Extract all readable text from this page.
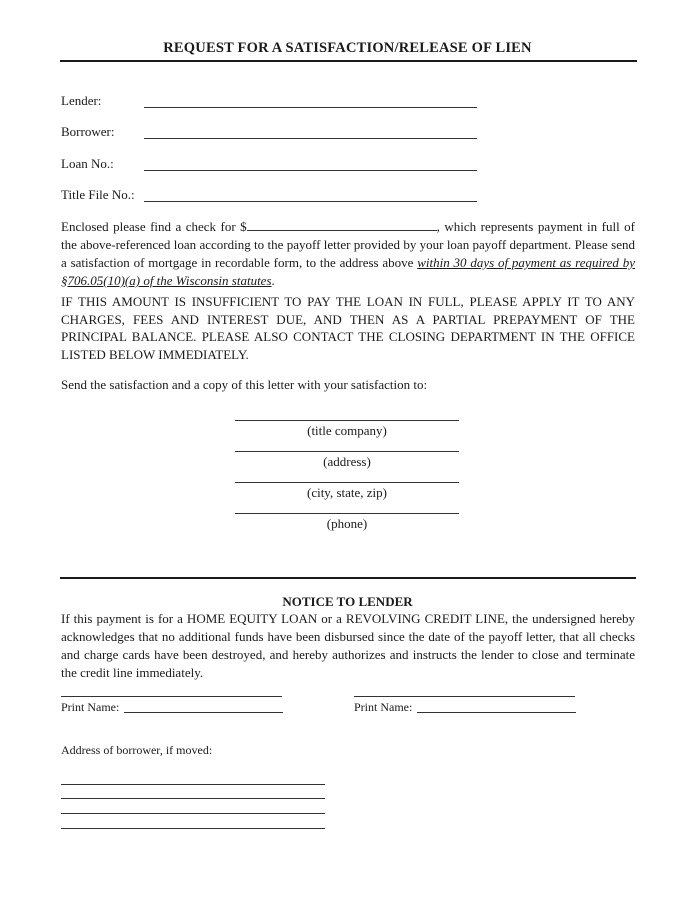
REQUEST FOR A SATISFACTION/RELEASE OF LIEN
Lender:
Borrower:
Loan No.:
Title File No.:
Enclosed please find a check for $	, which represents payment in full of the above-referenced loan according to the payoff letter provided by your loan payoff department. Please send a satisfaction of mortgage in recordable form, to the address above within 30 days of payment as required by §706.05(10)(a) of the Wisconsin statutes.
IF THIS AMOUNT IS INSUFFICIENT TO PAY THE LOAN IN FULL, PLEASE APPLY IT TO ANY CHARGES, FEES AND INTEREST DUE, AND THEN AS A PARTIAL PREPAYMENT OF THE PRINCIPAL BALANCE. PLEASE ALSO CONTACT THE CLOSING DEPARTMENT IN THE OFFICE LISTED BELOW IMMEDIATELY.
Send the satisfaction and a copy of this letter with your satisfaction to:
(title company)
(address)
(city, state, zip)
(phone)
NOTICE TO LENDER
If this payment is for a HOME EQUITY LOAN or a REVOLVING CREDIT LINE, the undersigned hereby acknowledges that no additional funds have been disbursed since the date of the payoff letter, that all checks and charge cards have been destroyed, and hereby authorizes and instructs the lender to close and terminate the credit line immediately.
Print Name:	Print Name:
Address of borrower, if moved:
